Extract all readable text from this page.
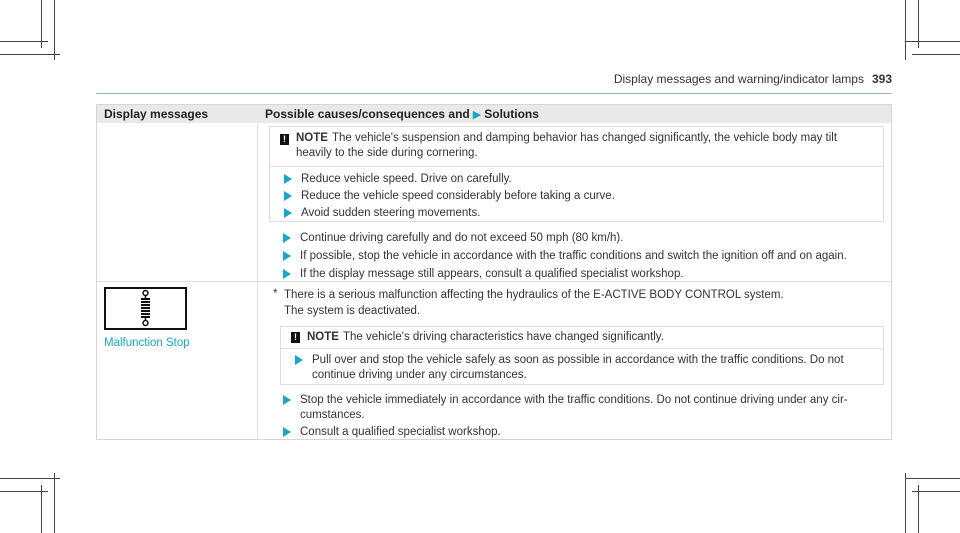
Display messages and warning/indicator lamps 393
Display messages	Possible causes/consequences and ▶ Solutions
! NOTE The vehicle's suspension and damping behavior has changed significantly, the vehicle body may tilt
heavily to the side during cornering.
Reduce vehicle speed. Drive on carefully.
Reduce the vehicle speed considerably before taking a curve.
Avoid sudden steering movements.
Continue driving carefully and do not exceed 50 mph (80 km/h).
If possible, stop the vehicle in accordance with the traffic conditions and switch the ignition off and on again.
If the display message still appears, consult a qualified specialist workshop.
Malfunction Stop
* There is a serious malfunction affecting the hydraulics of the E-ACTIVE BODY CONTROL system.
The system is deactivated.
! NOTE The vehicle's driving characteristics have changed significantly.
Pull over and stop the vehicle safely as soon as possible in accordance with the traffic conditions. Do not
continue driving under any circumstances.
Stop the vehicle immediately in accordance with the traffic conditions. Do not continue driving under any cir-
cumstances.
Consult a qualified specialist workshop.
